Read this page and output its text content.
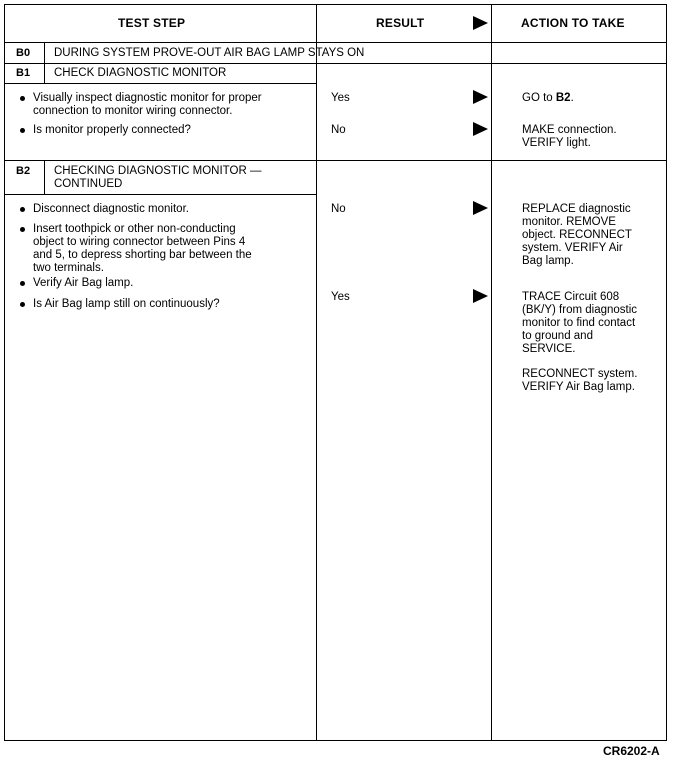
TEST STEP	RESULT	ACTION TO TAKE
B0 DURING SYSTEM PROVE-OUT AIR BAG LAMP STAYS ON
B1 CHECK DIAGNOSTIC MONITOR
Visually inspect diagnostic monitor for proper
connection to monitor wiring connector.
Is monitor properly connected?
Yes
No
GO to B2.
MAKE connection.
VERIFY light.
B2 CHECKING DIAGNOSTIC MONITOR —
CONTINUED
Disconnect diagnostic monitor.
Insert toothpick or other non-conducting
object to wiring connector between Pins 4
and 5, to depress shorting bar between the
two terminals.
Verify Air Bag lamp.
Is Air Bag lamp still on continuously?
No
Yes
REPLACE diagnostic
monitor. REMOVE
object. RECONNECT
system. VERIFY Air
Bag lamp.
TRACE Circuit 608
(BK/Y) from diagnostic
monitor to find contact
to ground and
SERVICE.
RECONNECT system.
VERIFY Air Bag lamp.
CR6202-A
